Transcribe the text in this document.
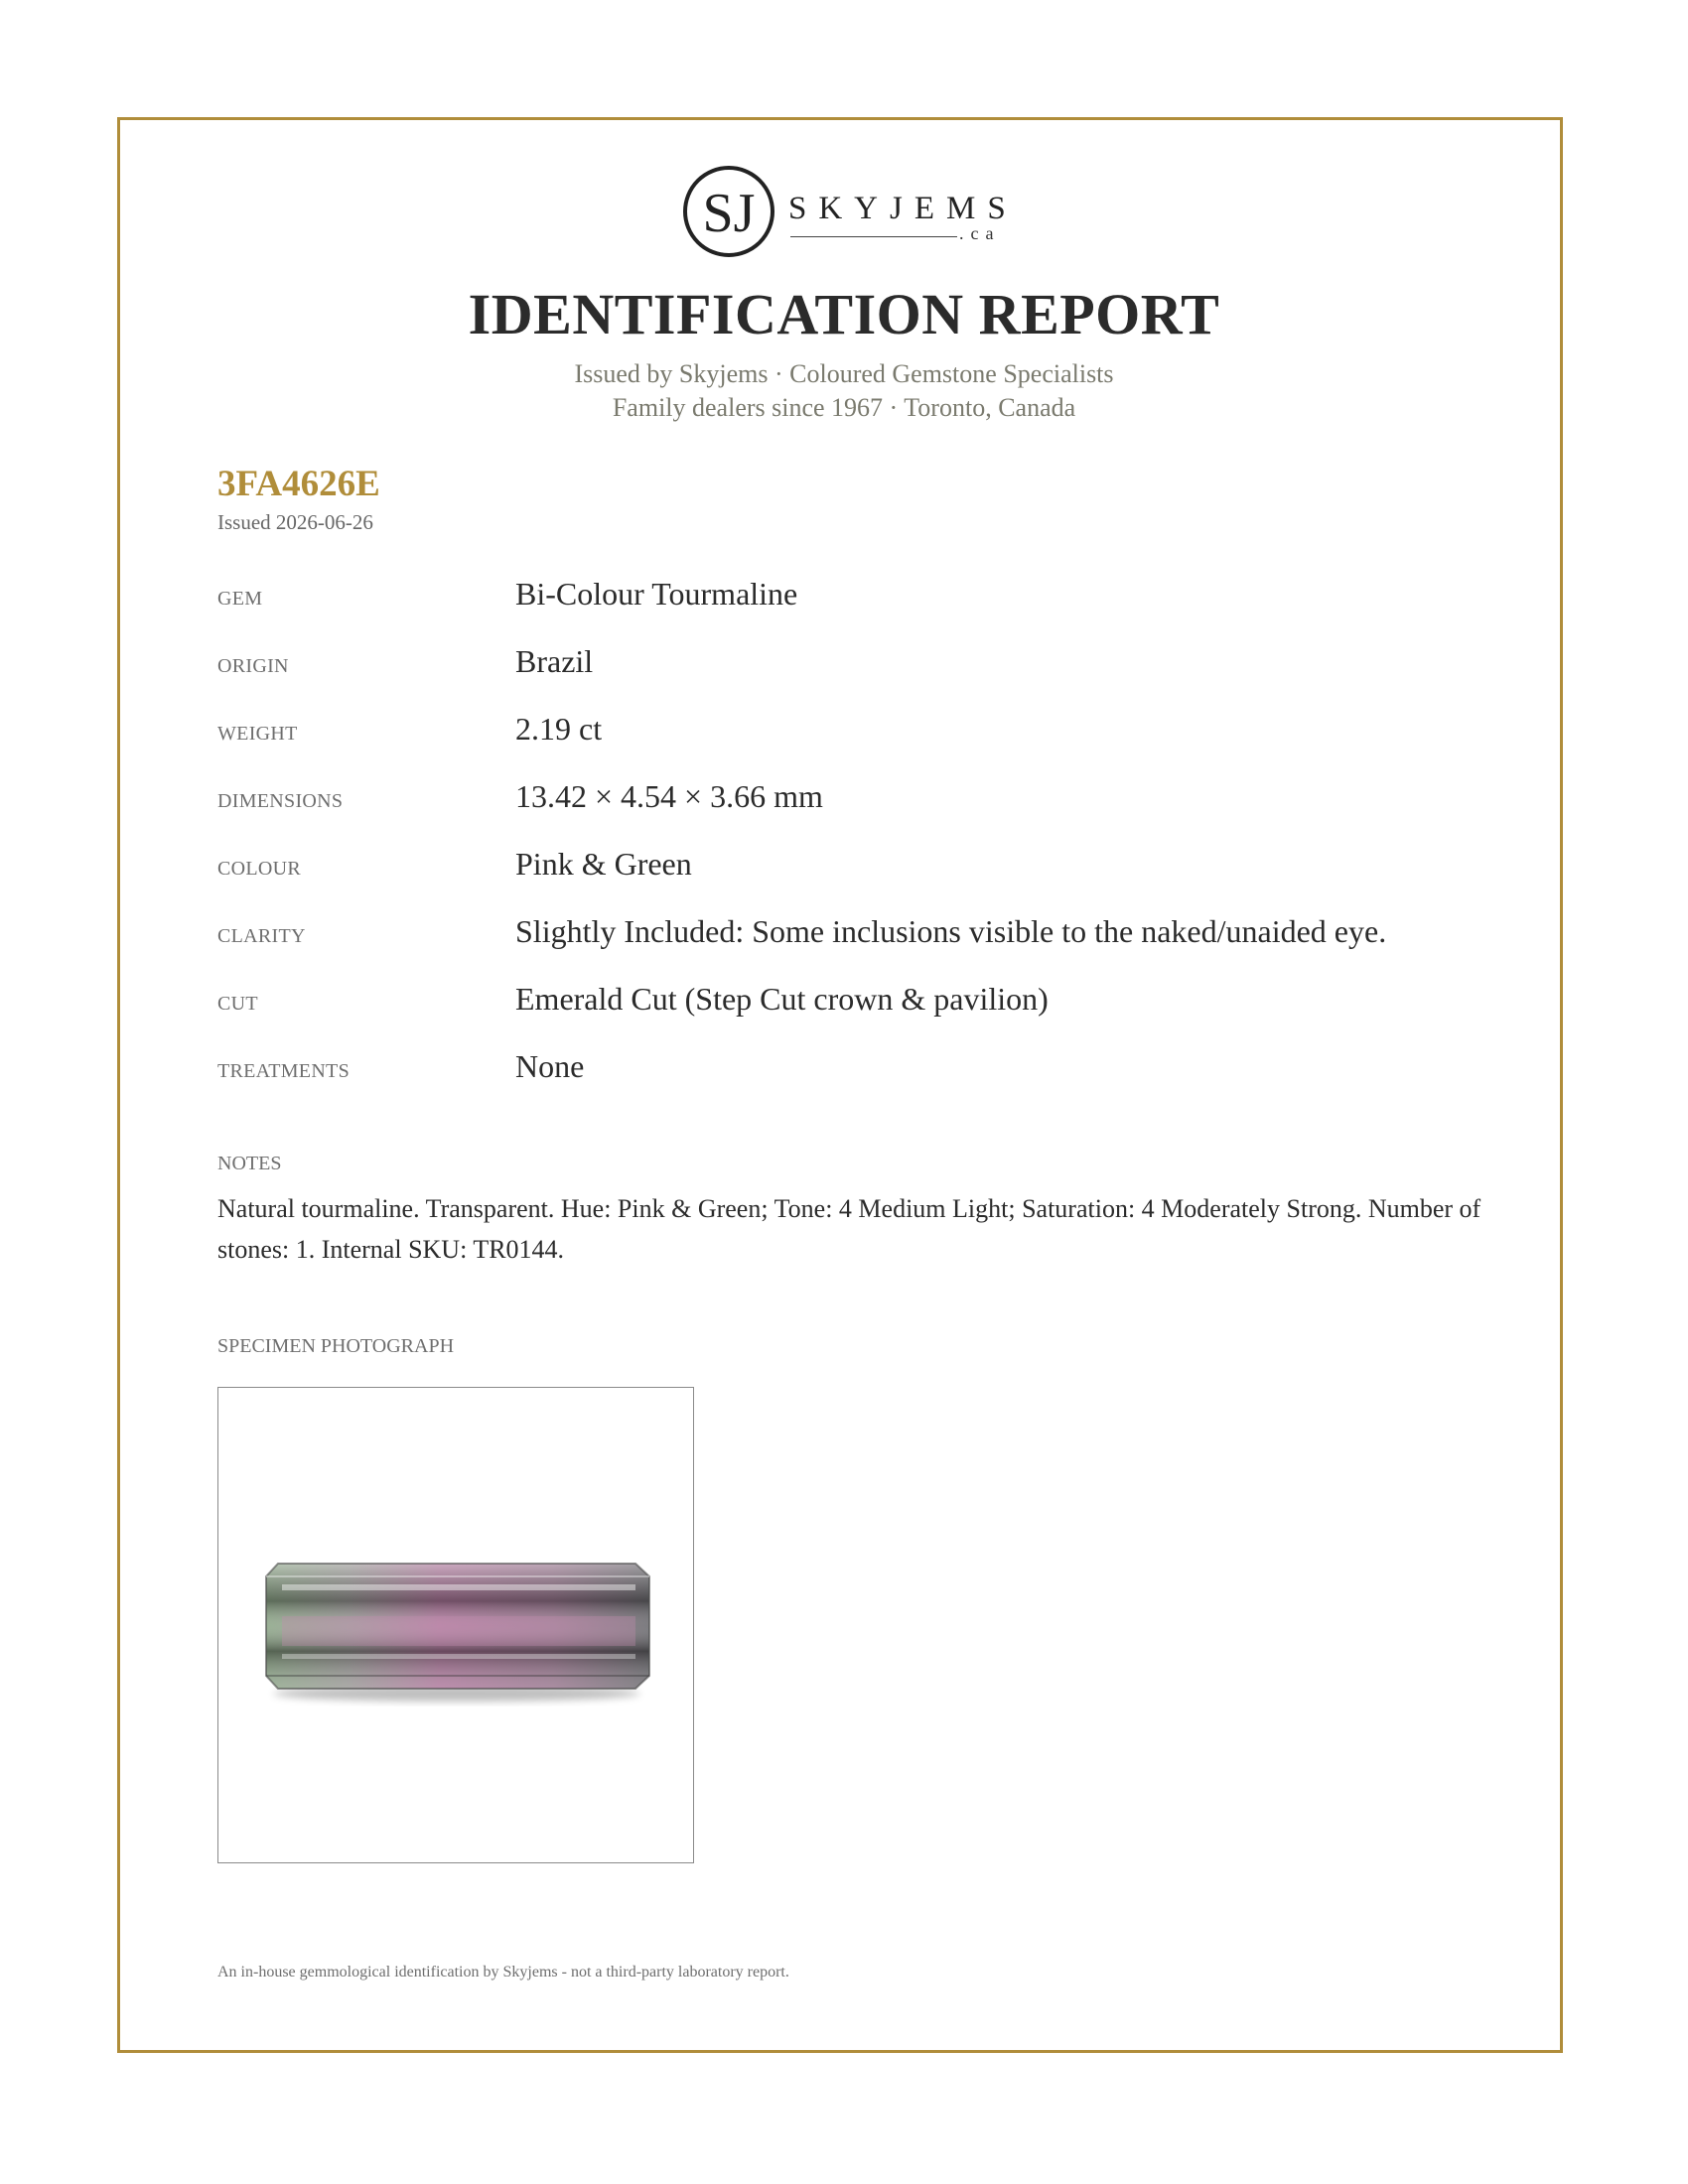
SJ SKYJEMS
.ca
IDENTIFICATION REPORT
Issued by Skyjems · Coloured Gemstone Specialists
Family dealers since 1967 · Toronto, Canada
3FA4626E
Issued 2026-06-26
GEM	Bi-Colour Tourmaline
ORIGIN	Brazil
WEIGHT	2.19 ct
DIMENSIONS	13.42 × 4.54 × 3.66 mm
COLOUR	Pink & Green
CLARITY	Slightly Included: Some inclusions visible to the naked/unaided eye.
CUT	Emerald Cut (Step Cut crown & pavilion)
TREATMENTS	None
NOTES
Natural tourmaline. Transparent. Hue: Pink & Green; Tone: 4 Medium Light; Saturation: 4 Moderately Strong. Number of stones: 1. Internal SKU: TR0144.
SPECIMEN PHOTOGRAPH
An in-house gemmological identification by Skyjems - not a third-party laboratory report.
